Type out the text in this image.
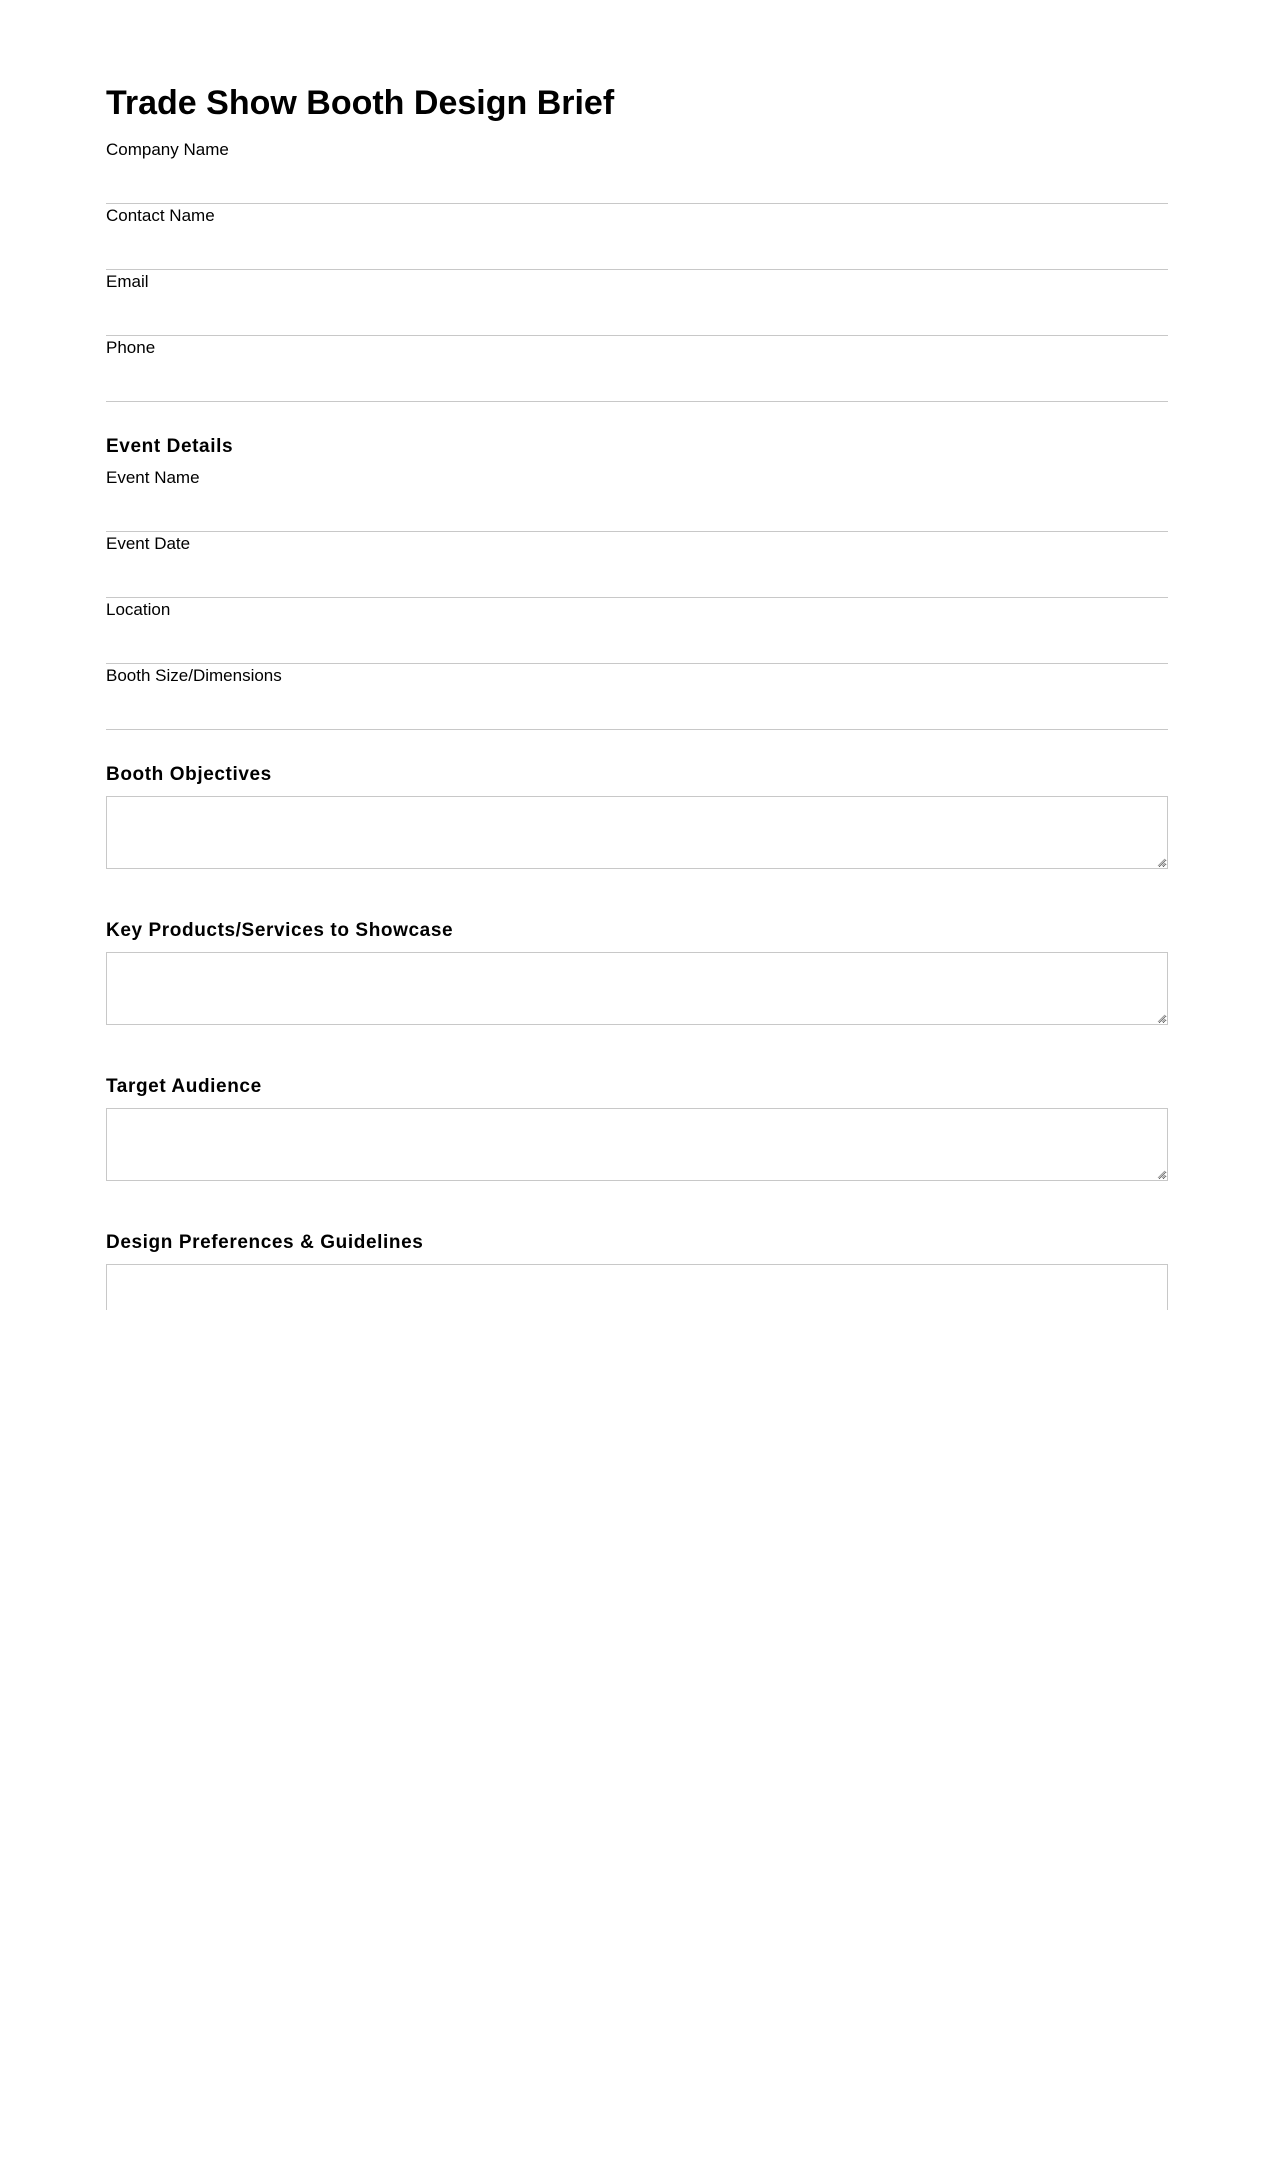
Trade Show Booth Design Brief
Company Name
Contact Name
Email
Phone
Event Details
Event Name
Event Date
Location
Booth Size/Dimensions
Booth Objectives
Key Products/Services to Showcase
Target Audience
Design Preferences & Guidelines
